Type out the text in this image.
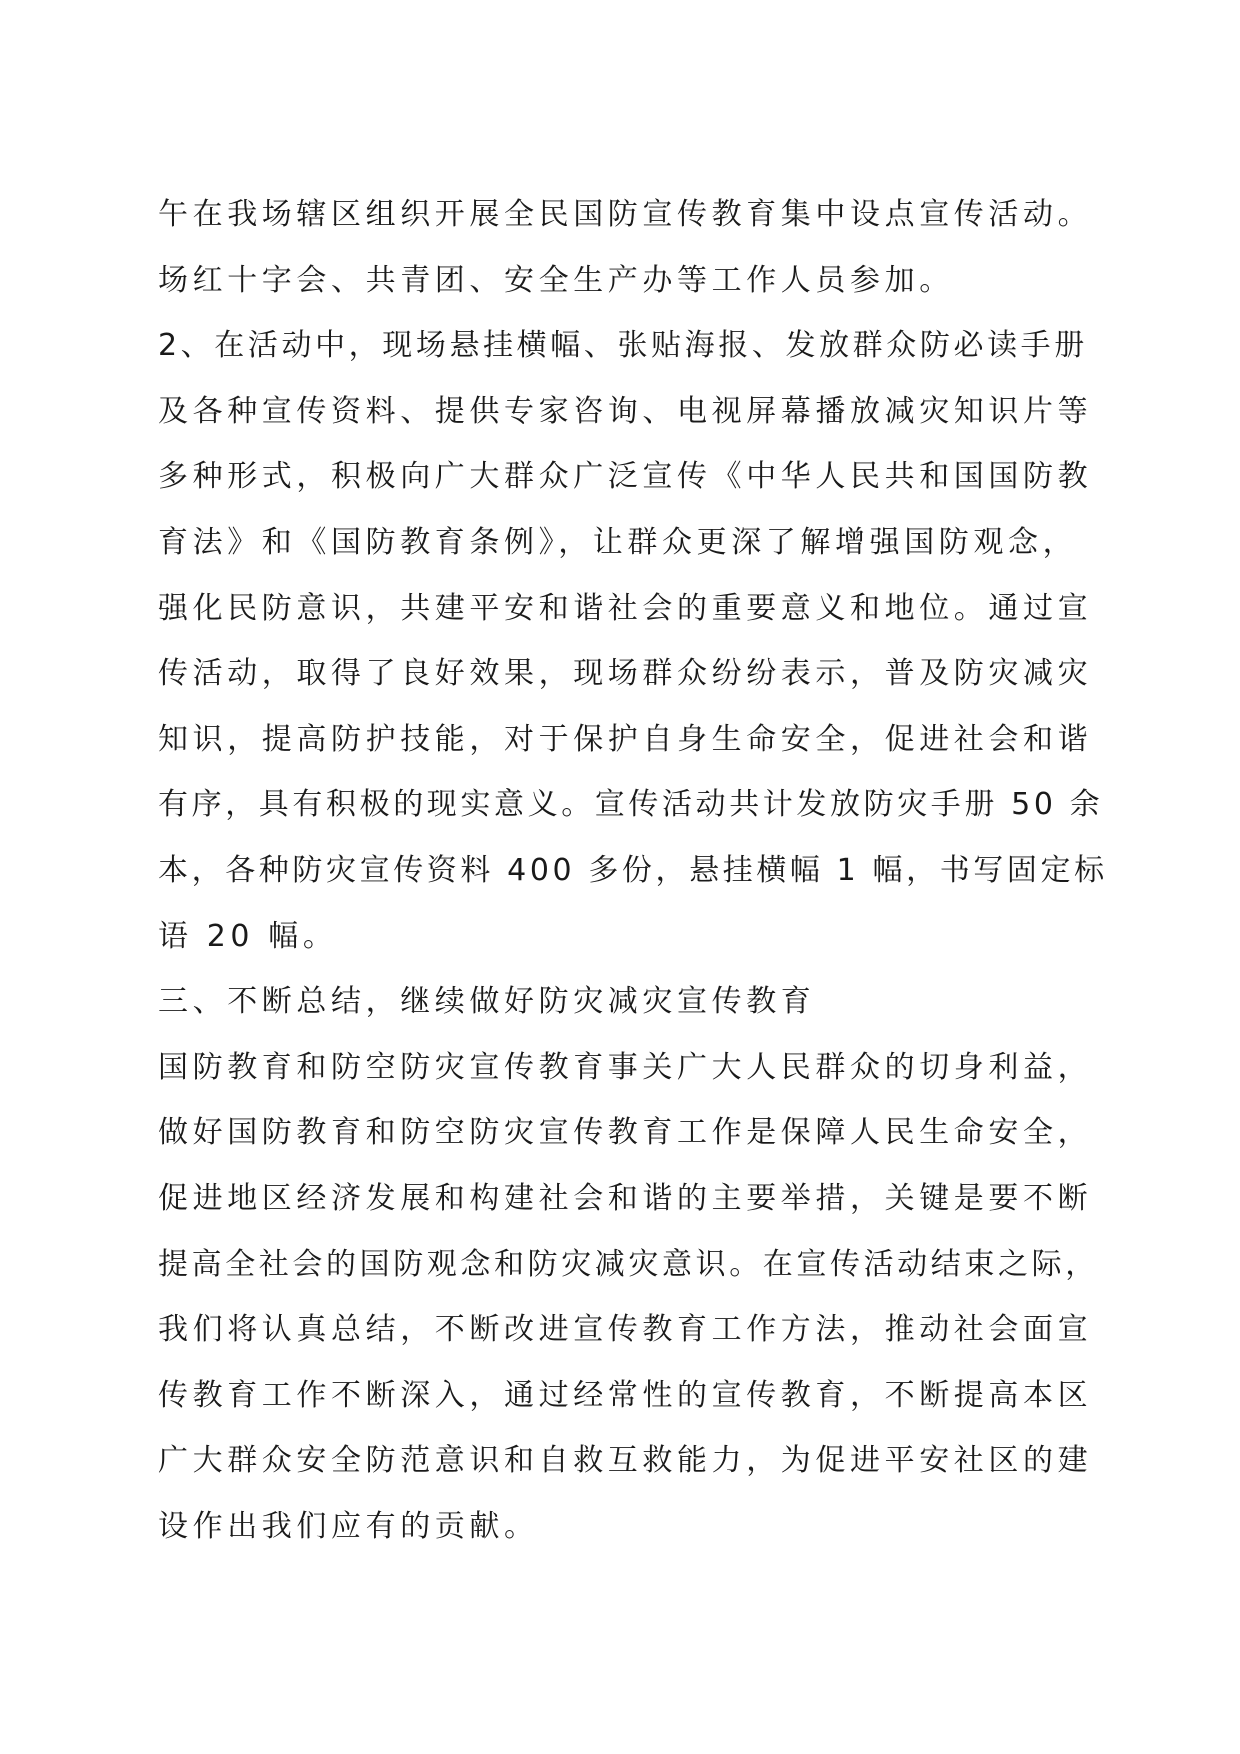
午在我场辖区组织开展全民国防宣传教育集中设点宣传活动。
场红十字会、共青团、安全生产办等工作人员参加。
2、在活动中，现场悬挂横幅、张贴海报、发放群众防必读手册
及各种宣传资料、提供专家咨询、电视屏幕播放减灾知识片等
多种形式，积极向广大群众广泛宣传《中华人民共和国国防教
育法》和《国防教育条例》，让群众更深了解增强国防观念，
强化民防意识，共建平安和谐社会的重要意义和地位。通过宣
传活动，取得了良好效果，现场群众纷纷表示，普及防灾减灾
知识，提高防护技能，对于保护自身生命安全，促进社会和谐
有序，具有积极的现实意义。宣传活动共计发放防灾手册 50 余
本，各种防灾宣传资料 400 多份，悬挂横幅 1 幅，书写固定标
语 20 幅。
三、不断总结，继续做好防灾减灾宣传教育
国防教育和防空防灾宣传教育事关广大人民群众的切身利益，
做好国防教育和防空防灾宣传教育工作是保障人民生命安全，
促进地区经济发展和构建社会和谐的主要举措，关键是要不断
提高全社会的国防观念和防灾减灾意识。在宣传活动结束之际，
我们将认真总结，不断改进宣传教育工作方法，推动社会面宣
传教育工作不断深入，通过经常性的宣传教育，不断提高本区
广大群众安全防范意识和自救互救能力，为促进平安社区的建
设作出我们应有的贡献。
